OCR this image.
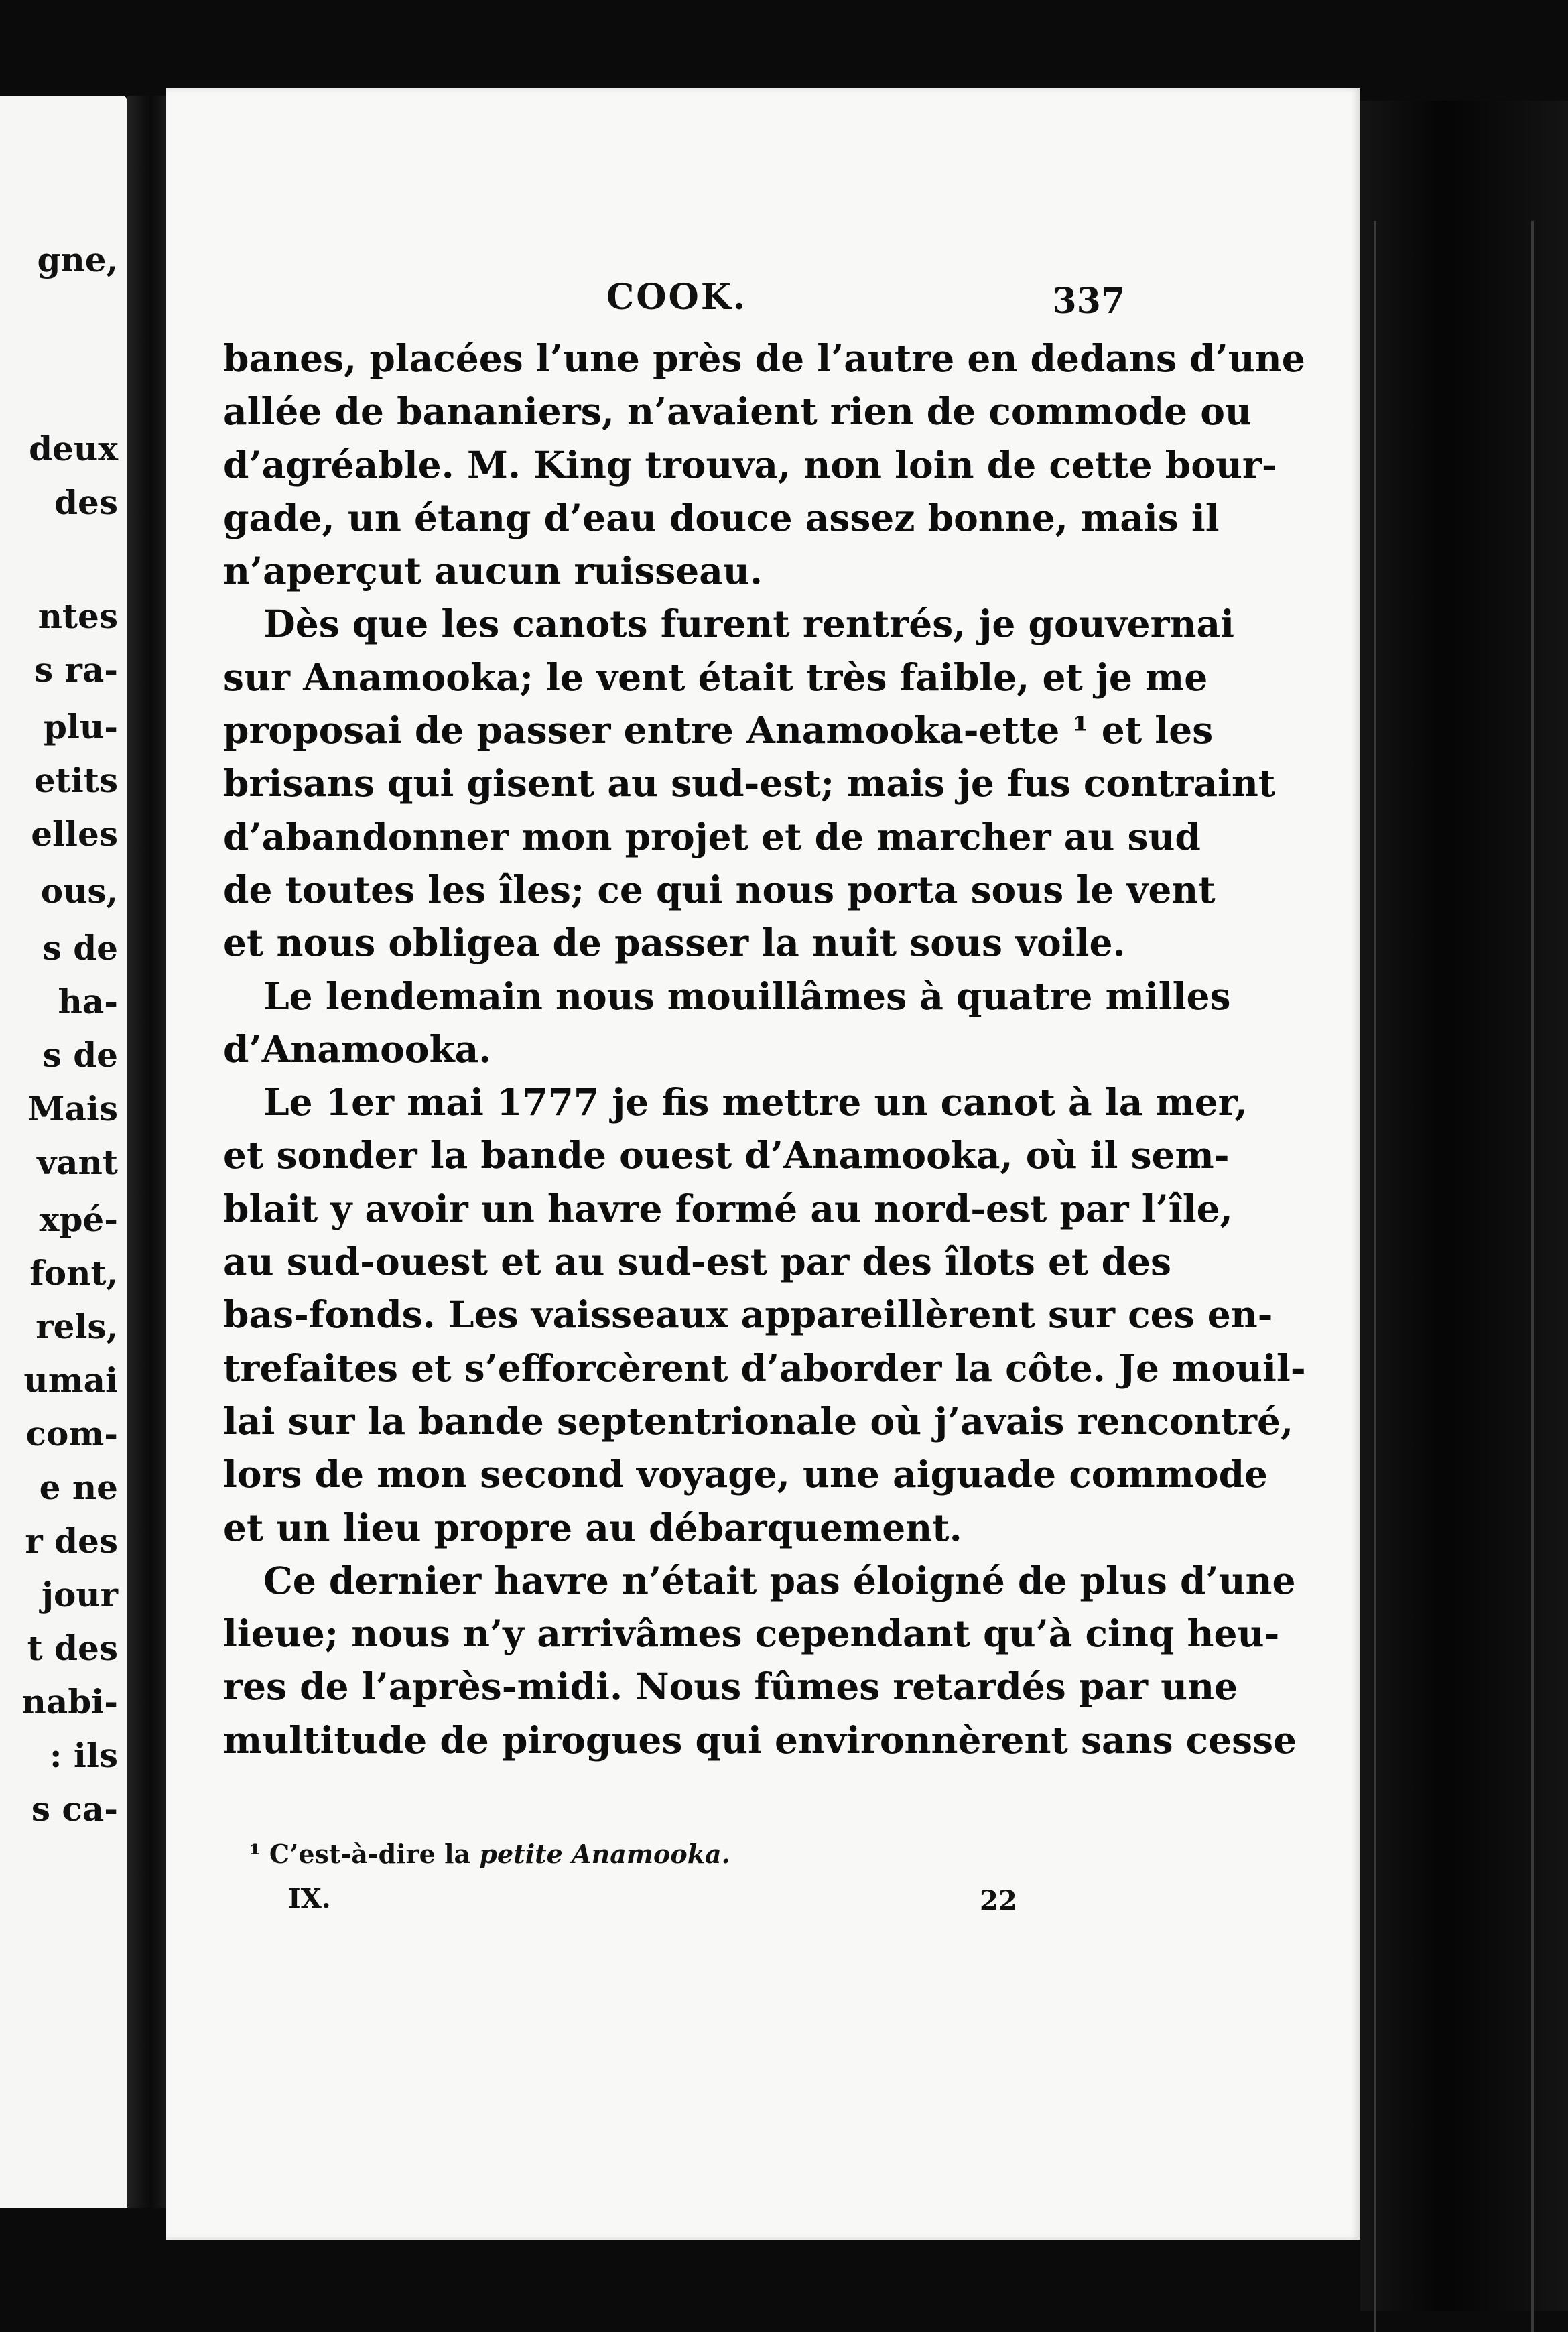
gne,
deux
des
ntes
s ra-
plu-
etits
elles
ous,
s de
ha-
s de
Mais
vant
xpé-
font,
rels,
umai
com-
e ne
r des
jour
t des
nabi-
: ils
s ca-
COOK.	337
banes, placées l’une près de l’autre en dedans d’une
allée de bananiers, n’avaient rien de commode ou
d’agréable. M. King trouva, non loin de cette bour-
gade, un étang d’eau douce assez bonne, mais il
n’aperçut aucun ruisseau.
Dès que les canots furent rentrés, je gouvernai
sur Anamooka; le vent était très faible, et je me
proposai de passer entre Anamooka-ette ¹ et les
brisans qui gisent au sud-est; mais je fus contraint
d’abandonner mon projet et de marcher au sud
de toutes les îles; ce qui nous porta sous le vent
et nous obligea de passer la nuit sous voile.
Le lendemain nous mouillâmes à quatre milles
d’Anamooka.
Le 1er mai 1777 je fis mettre un canot à la mer,
et sonder la bande ouest d’Anamooka, où il sem-
blait y avoir un havre formé au nord-est par l’île,
au sud-ouest et au sud-est par des îlots et des
bas-fonds. Les vaisseaux appareillèrent sur ces en-
trefaites et s’efforcèrent d’aborder la côte. Je mouil-
lai sur la bande septentrionale où j’avais rencontré,
lors de mon second voyage, une aiguade commode
et un lieu propre au débarquement.
Ce dernier havre n’était pas éloigné de plus d’une
lieue; nous n’y arrivâmes cependant qu’à cinq heu-
res de l’après-midi. Nous fûmes retardés par une
multitude de pirogues qui environnèrent sans cesse
¹ C’est-à-dire la petite Anamooka.
IX.	22
